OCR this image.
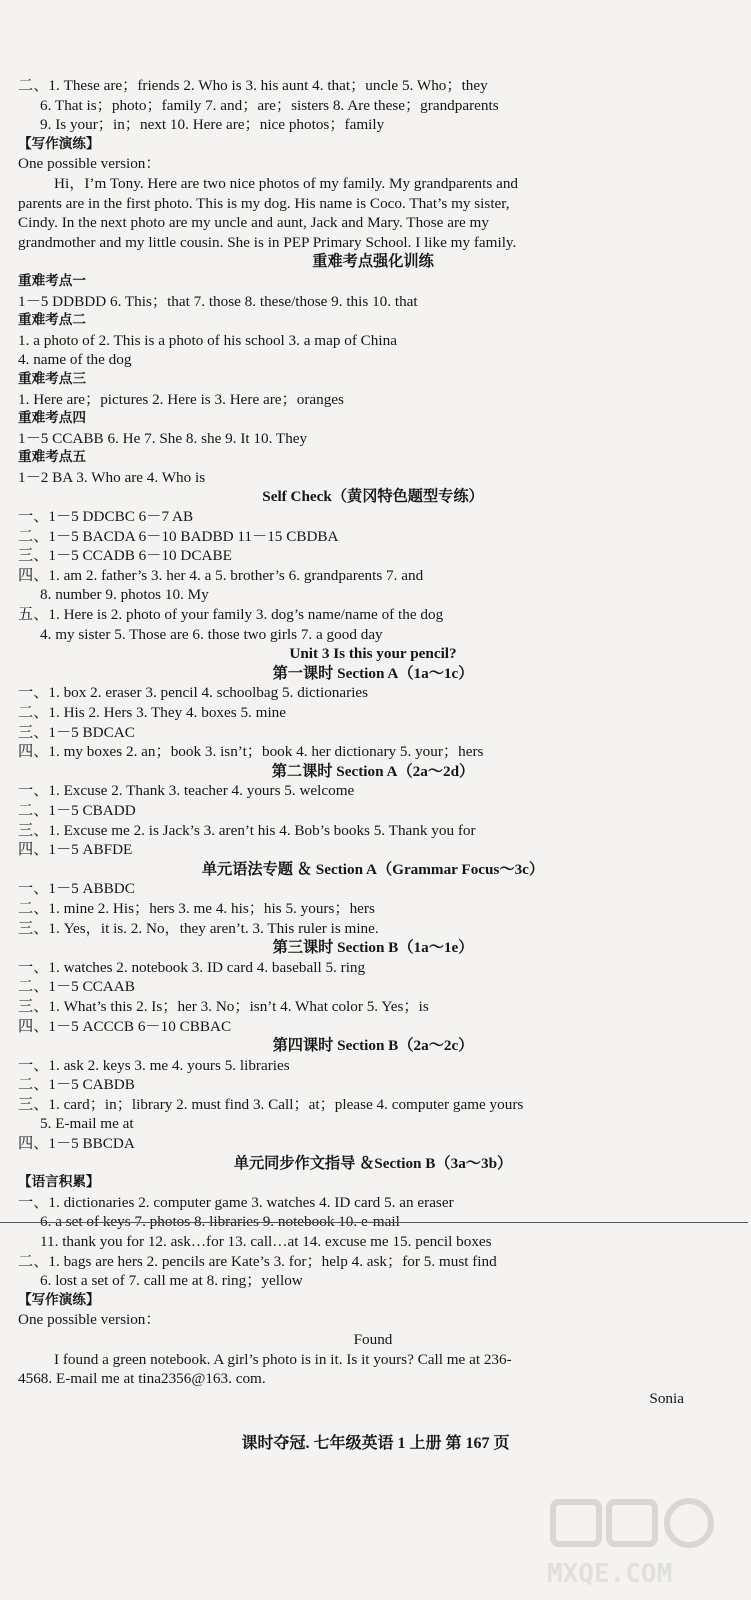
二、1. These are；friends 2. Who is 3. his aunt 4. that；uncle 5. Who；they
6. That is；photo；family 7. and；are；sisters 8. Are these；grandparents
9. Is your；in；next 10. Here are；nice photos；family
【写作演练】
One possible version：
Hi，I’m Tony. Here are two nice photos of my family. My grandparents and
parents are in the first photo. This is my dog. His name is Coco. That’s my sister,
Cindy. In the next photo are my uncle and aunt, Jack and Mary. Those are my
grandmother and my little cousin. She is in PEP Primary School. I like my family.
重难考点强化训练
重难考点一
1－5 DDBDD 6. This；that 7. those 8. these/those 9. this 10. that
重难考点二
1. a photo of 2. This is a photo of his school 3. a map of China
4. name of the dog
重难考点三
1. Here are；pictures 2. Here is 3. Here are；oranges
重难考点四
1－5 CCABB 6. He 7. She 8. she 9. It 10. They
重难考点五
1－2 BA 3. Who are 4. Who is
Self Check（黄冈特色题型专练）
一、1－5 DDCBC 6－7 AB
二、1－5 BACDA 6－10 BADBD 11－15 CBDBA
三、1－5 CCADB 6－10 DCABE
四、1. am 2. father’s 3. her 4. a 5. brother’s 6. grandparents 7. and
8. number 9. photos 10. My
五、1. Here is 2. photo of your family 3. dog’s name/name of the dog
4. my sister 5. Those are 6. those two girls 7. a good day
Unit 3 Is this your pencil?
第一课时 Section A（1a～1c）
一、1. box 2. eraser 3. pencil 4. schoolbag 5. dictionaries
二、1. His 2. Hers 3. They 4. boxes 5. mine
三、1－5 BDCAC
四、1. my boxes 2. an；book 3. isn’t；book 4. her dictionary 5. your；hers
第二课时 Section A（2a～2d）
一、1. Excuse 2. Thank 3. teacher 4. yours 5. welcome
二、1－5 CBADD
三、1. Excuse me 2. is Jack’s 3. aren’t his 4. Bob’s books 5. Thank you for
四、1－5 ABFDE
单元语法专题 ＆ Section A（Grammar Focus～3c）
一、1－5 ABBDC
二、1. mine 2. His；hers 3. me 4. his；his 5. yours；hers
三、1. Yes，it is. 2. No，they aren’t. 3. This ruler is mine.
第三课时 Section B（1a～1e）
一、1. watches 2. notebook 3. ID card 4. baseball 5. ring
二、1－5 CCAAB
三、1. What’s this 2. Is；her 3. No；isn’t 4. What color 5. Yes；is
四、1－5 ACCCB 6－10 CBBAC
第四课时 Section B（2a～2c）
一、1. ask 2. keys 3. me 4. yours 5. libraries
二、1－5 CABDB
三、1. card；in；library 2. must find 3. Call；at；please 4. computer game yours
5. E-mail me at
四、1－5 BBCDA
单元同步作文指导 ＆Section B（3a～3b）
【语言积累】
一、1. dictionaries 2. computer game 3. watches 4. ID card 5. an eraser
6. a set of keys 7. photos 8. libraries 9. notebook 10. e-mail
11. thank you for 12. ask…for 13. call…at 14. excuse me 15. pencil boxes
二、1. bags are hers 2. pencils are Kate’s 3. for；help 4. ask；for 5. must find
6. lost a set of 7. call me at 8. ring；yellow
【写作演练】
One possible version：
Found
I found a green notebook. A girl’s photo is in it. Is it yours? Call me at 236-
4568. E-mail me at tina2356@163. com.
Sonia
课时夺冠. 七年级英语 1 上册 第 167 页
MXQE.COM
